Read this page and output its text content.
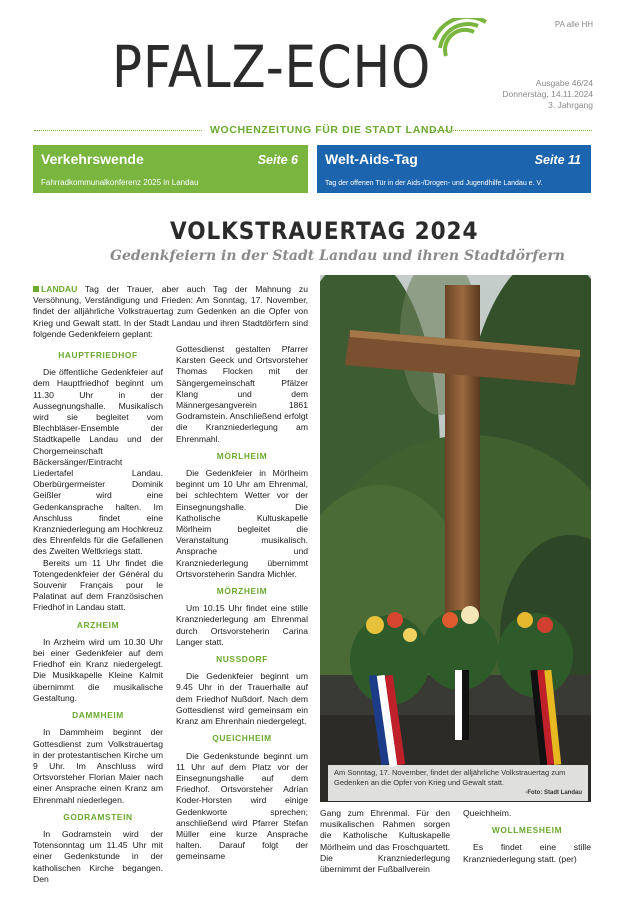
PA alle HH
PFALZ-ECHO	Ausgabe 46/24
Donnerstag, 14.11.2024
3. Jahrgang
WOCHENZEITUNG FÜR DIE STADT LANDAU
Verkehrswende	Seite 6
Fahrradkommunalkonferenz 2025 in Landau
Welt-Aids-Tag	Seite 11
Tag der offenen Tür in der Aids-/Drogen- und Jugendhilfe Landau e. V.
VOLKSTRAUERTAG 2024
Gedenkfeiern in der Stadt Landau und ihren Stadtdörfern
Am Sonntag, 17. November, findet der alljährliche Volkstrauertag zum Gedenken an die Opfer von Krieg und Gewalt statt.
-Foto: Stadt Landau

LANDAU Tag der Trauer, aber auch Tag der Mahnung zu Versöhnung, Verständigung und Frieden: Am Sonntag, 17. November, findet der alljährliche Volkstrauertag zum Gedenken an die Opfer von Krieg und Gewalt statt. In der Stadt Landau und ihren Stadtdörfern sind folgende Gedenkfeiern geplant:

HAUPTFRIEDHOF

Die öffentliche Gedenkfeier auf dem Hauptfriedhof beginnt um 11.30 Uhr in der Aussegnungshalle. Musikalisch wird sie begleitet vom Blechbläser-Ensemble der Stadtkapelle Landau und der Chorgemeinschaft Bäckersänger/Eintracht Liedertafel Landau. Oberbürgermeister Dominik Geißler wird eine Gedenkansprache halten. Im Anschluss findet eine Kranzniederlegung am Hochkreuz des Ehrenfelds für die Gefallenen des Zweiten Weltkriegs statt.

Bereits um 11 Uhr findet die Totengedenkfeier der Général du Souvenir Français pour le Palatinat auf dem Französischen Friedhof in Landau statt.

ARZHEIM

In Arzheim wird um 10.30 Uhr bei einer Gedenkfeier auf dem Friedhof ein Kranz niedergelegt. Die Musikkapelle Kleine Kalmit übernimmt die musikalische Gestaltung.

DAMMHEIM

In Dammheim beginnt der Gottesdienst zum Volkstrauertag in der protestantischen Kirche um 9 Uhr. Im Anschluss wird Ortsvorsteher Florian Maier nach einer Ansprache einen Kranz am Ehrenmahl niederlegen.

GODRAMSTEIN

In Godramstein wird der Totensonntag um 11.45 Uhr mit einer Gedenkstunde in der katholischen Kirche begangen. Den

Gottesdienst gestalten Pfarrer Karsten Geeck und Ortsvorsteher Thomas Flocken mit der Sängergemeinschaft Pfälzer Klang und dem Männergesangverein 1861 Godramstein. Anschließend erfolgt die Kranzniederlegung am Ehrenmahl.

MÖRLHEIM

Die Gedenkfeier in Mörlheim beginnt um 10 Uhr am Ehrenmal, bei schlechtem Wetter vor der Einsegnungshalle. Die Katholische Kultuskapelle Mörlheim begleitet die Veranstaltung musikalisch. Ansprache und Kranzniederlegung übernimmt Ortsvorsteherin Sandra Michler.

MÖRZHEIM

Um 10.15 Uhr findet eine stille Kranzniederlegung am Ehrenmal durch Ortsvorsteherin Carina Langer statt.

NUSSDORF

Die Gedenkfeier beginnt um 9.45 Uhr in der Trauerhalle auf dem Friedhof Nußdorf. Nach dem Gottesdienst wird gemeinsam ein Kranz am Ehrenhain niedergelegt.

QUEICHHEIM

Die Gedenkstunde beginnt um 11 Uhr auf dem Platz vor der Einsegnungshalle auf dem Friedhof. Ortsvorsteher Adrian Koder-Horsten wird einige Gedenkworte sprechen; anschließend wird Pfarrer Stefan Müller eine kurze Ansprache halten. Darauf folgt der gemeinsame

Gang zum Ehrenmal. Für den musikalischen Rahmen sorgen die Katholische Kultuskapelle Mörlheim und das Froschquartett. Die Kranzniederlegung übernimmt der Fußballverein

Queichheim.

WOLLMESHEIM

Es findet eine stille Kranzniederlegung statt. (per)
